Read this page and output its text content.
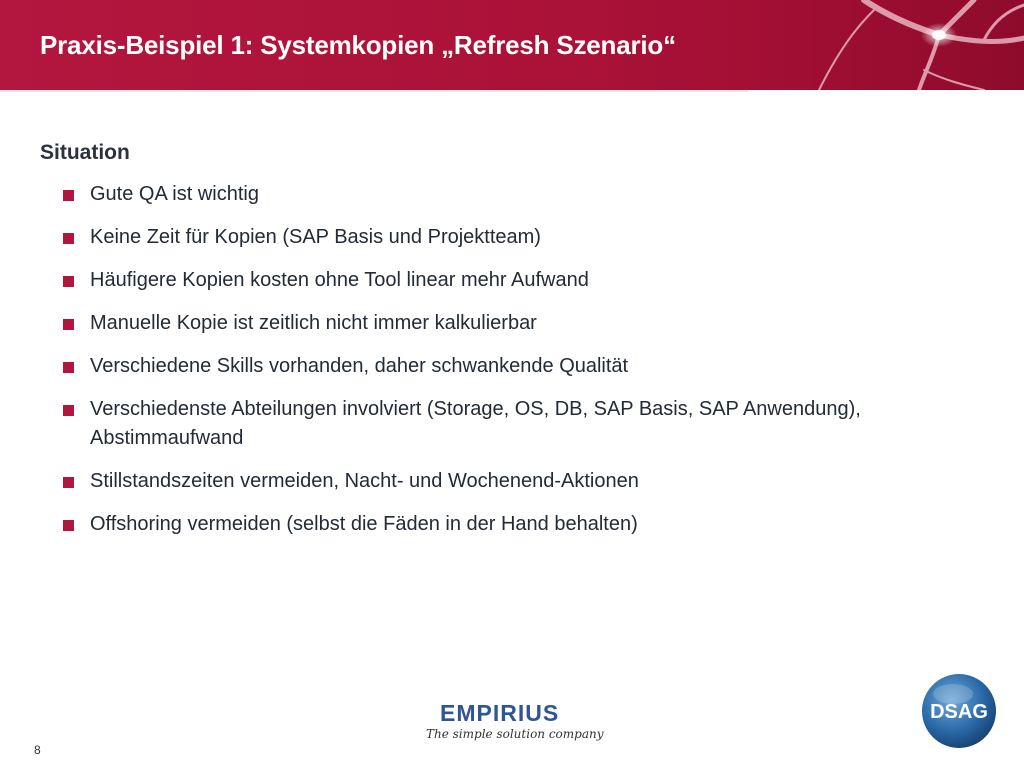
Praxis-Beispiel 1: Systemkopien „Refresh Szenario“
Situation
Gute QA ist wichtig
Keine Zeit für Kopien (SAP Basis und Projektteam)
Häufigere Kopien kosten ohne Tool linear mehr Aufwand
Manuelle Kopie ist zeitlich nicht immer kalkulierbar
Verschiedene Skills vorhanden, daher schwankende Qualität
Verschiedenste Abteilungen involviert (Storage, OS, DB, SAP Basis, SAP Anwendung), Abstimmaufwand
Stillstandszeiten vermeiden, Nacht- und Wochenend-Aktionen
Offshoring vermeiden (selbst die Fäden in der Hand behalten)
8
EMPIRIUS
The simple solution company
DSAG
